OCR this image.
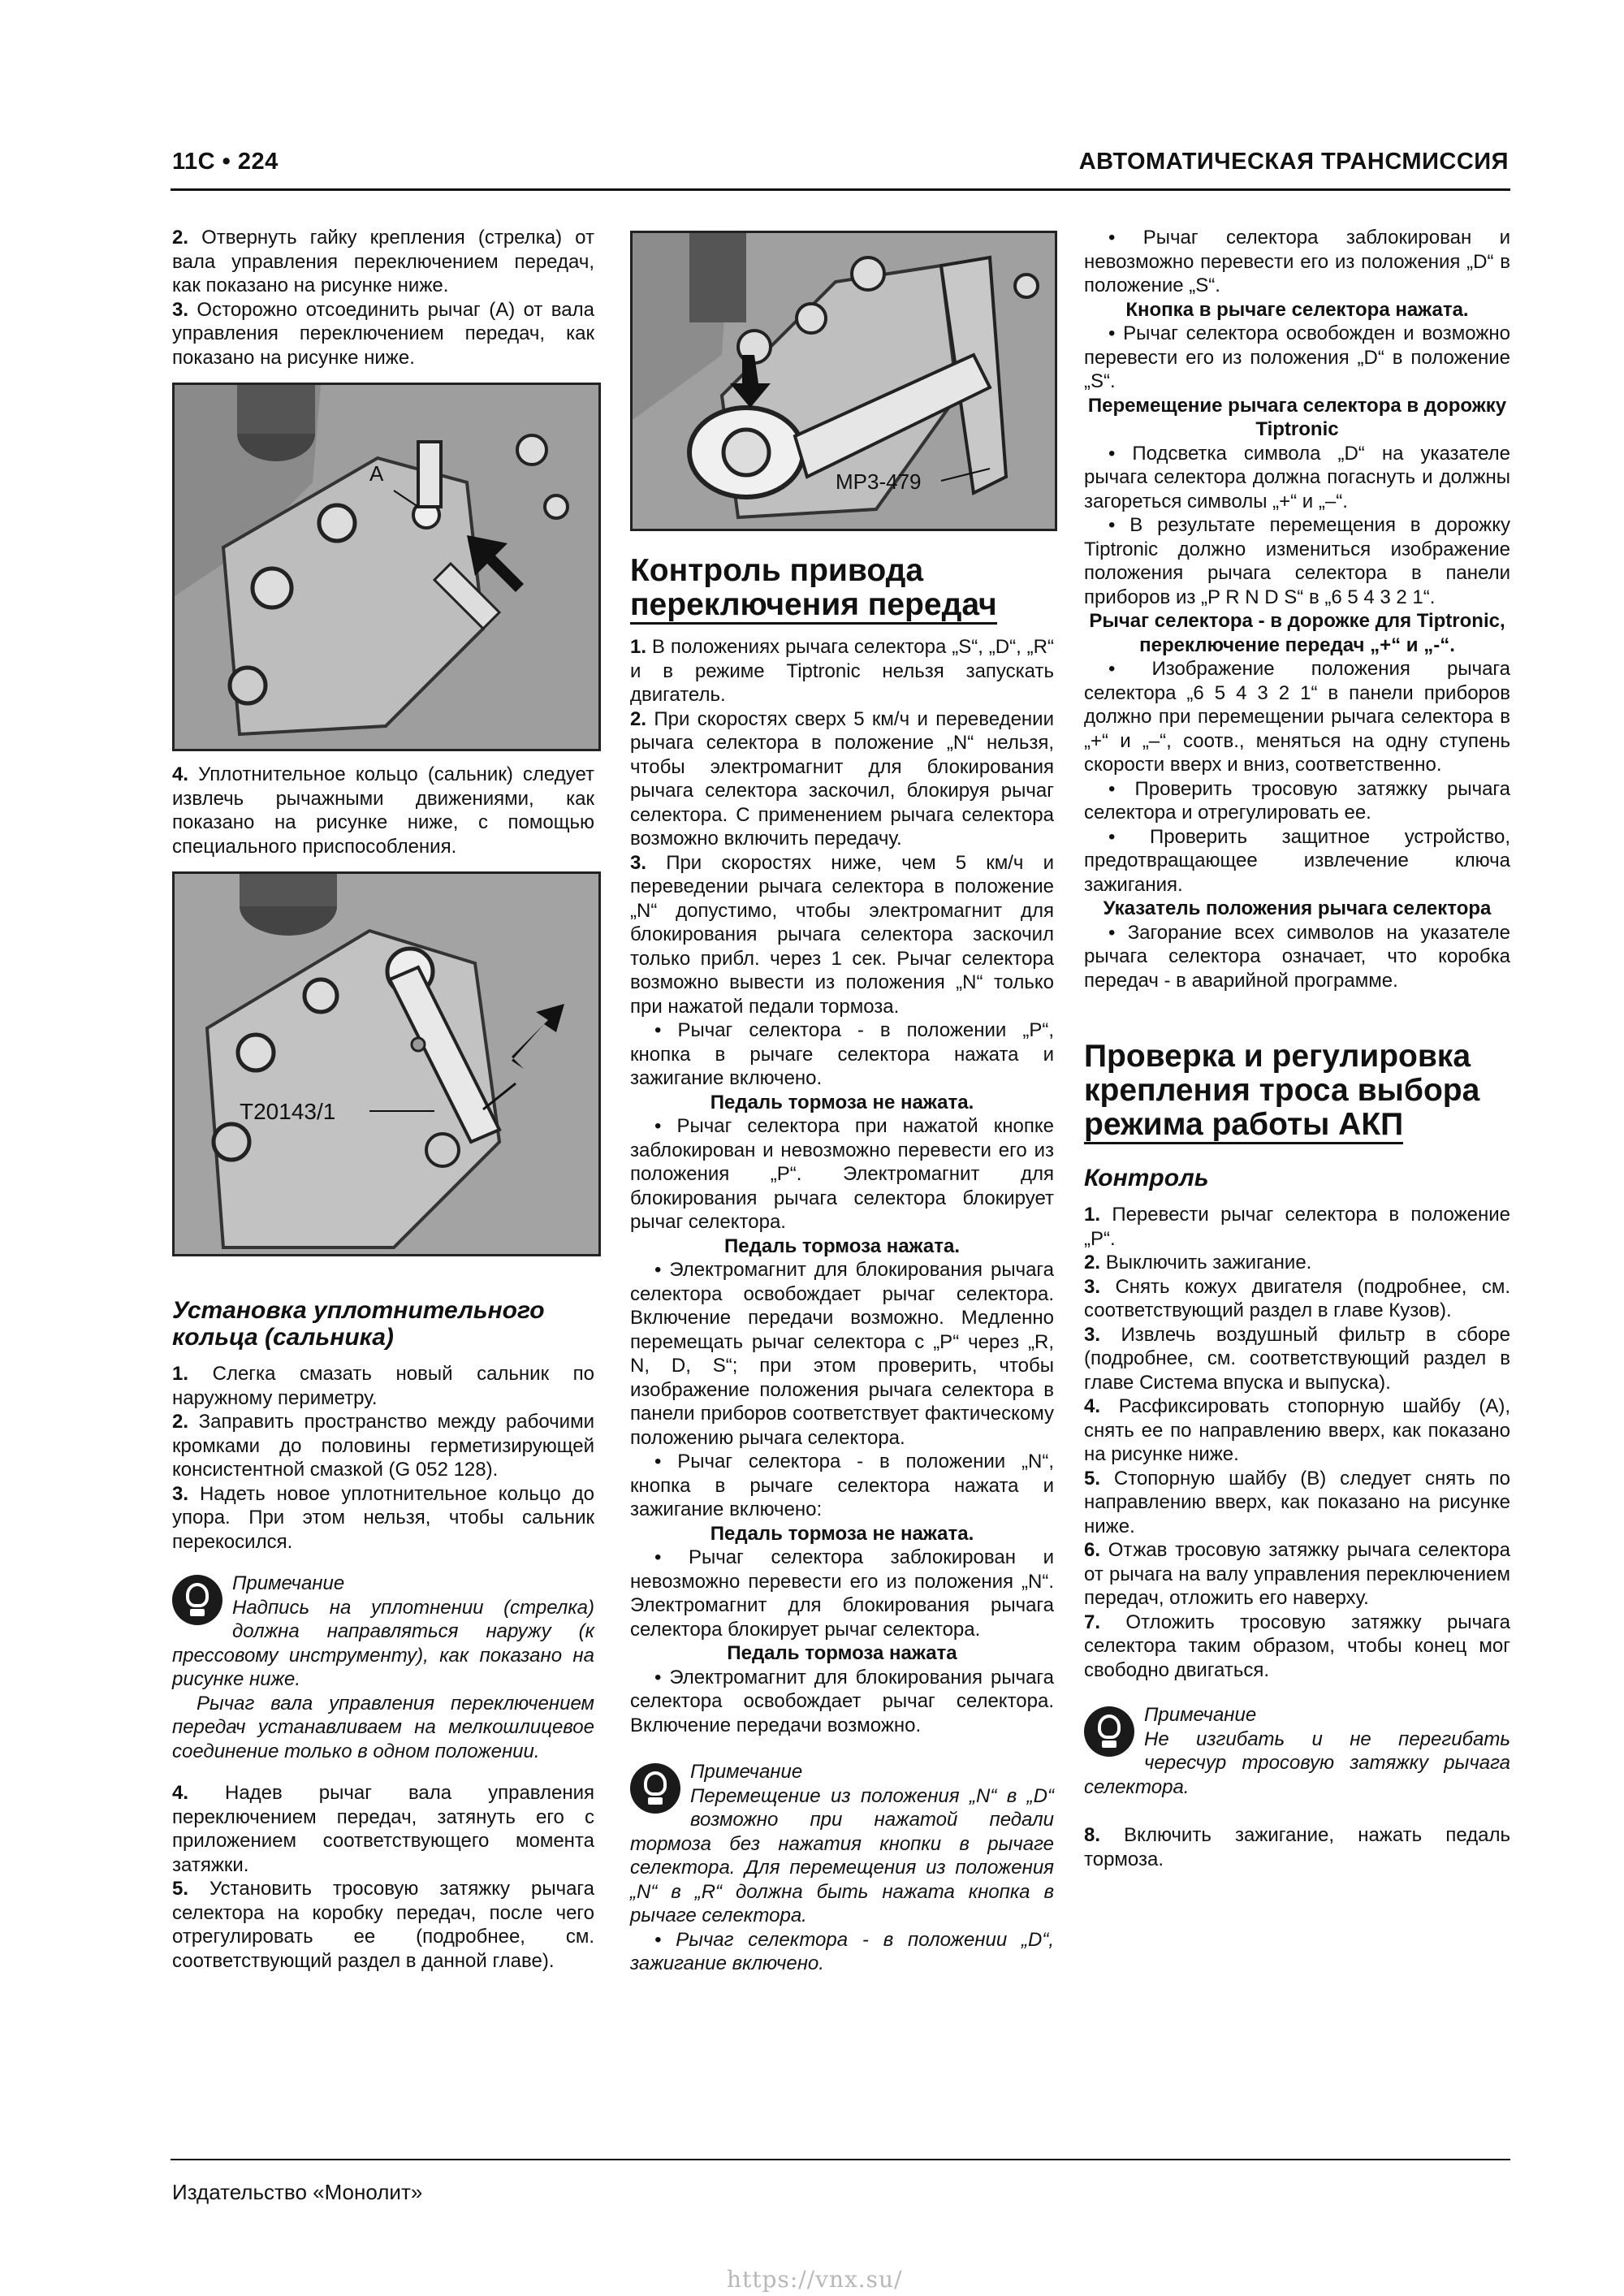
11C • 224	АВТОМАТИЧЕСКАЯ ТРАНСМИССИЯ

2. Отвернуть гайку крепления (стрелка) от вала управления переключением передач, как показано на рисунке ниже.

3. Осторожно отсоединить рычаг (А) от вала управления переключением передач, как показано на рисунке ниже.

A

4. Уплотнительное кольцо (сальник) следует извлечь рычажными движениями, как показано на рисунке ниже, с помощью специального приспособления.

T20143/1
Установка уплотнительного кольца (сальника)

1. Слегка смазать новый сальник по наружному периметру.

2. Заправить пространство между рабочими кромками до половины герметизирующей консистентной смазкой (G 052 128).

3. Надеть новое уплотнительное кольцо до упора. При этом нельзя, чтобы сальник перекосился.

Примечание

Надпись на уплотнении (стрелка) должна направляться наружу (к прессовому инструменту), как показано на рисунке ниже.

Рычаг вала управления переключением передач устанавливаем на мелкошлицевое соединение только в одном положении.

4. Надев рычаг вала управления переключением передач, затянуть его с приложением соответствующего момента затяжки.

5. Установить тросовую затяжку рычага селектора на коробку передач, после чего отрегулировать ее (подробнее, см. соответствующий раздел в данной главе).

MP3-479
Контроль привода
переключения передач

1. В положениях рычага селектора „S“, „D“, „R“ и в режиме Tiptronic нельзя запускать двигатель.

2. При скоростях сверх 5 км/ч и переведении рычага селектора в положение „N“ нельзя, чтобы электромагнит для блокирования рычага селектора заскочил, блокируя рычаг селектора. С применением рычага селектора возможно включить передачу.

3. При скоростях ниже, чем 5 км/ч и переведении рычага селектора в положение „N“ допустимо, чтобы электромагнит для блокирования рычага селектора заскочил только прибл. через 1 сек. Рычаг селектора возможно вывести из положения „N“ только при нажатой педали тормоза.

• Рычаг селектора - в положении „P“, кнопка в рычаге селектора нажата и зажигание включено.

Педаль тормоза не нажата.

• Рычаг селектора при нажатой кнопке заблокирован и невозможно перевести его из положения „P“. Электромагнит для блокирования рычага селектора блокирует рычаг селектора.

Педаль тормоза нажата.

• Электромагнит для блокирования рычага селектора освобождает рычаг селектора. Включение передачи возможно. Медленно перемещать рычаг селектора с „P“ через „R, N, D, S“; при этом проверить, чтобы изображение положения рычага селектора в панели приборов соответствует фактическому положению рычага селектора.

• Рычаг селектора - в положении „N“, кнопка в рычаге селектора нажата и зажигание включено:

Педаль тормоза не нажата.

• Рычаг селектора заблокирован и невозможно перевести его из положения „N“. Электромагнит для блокирования рычага селектора блокирует рычаг селектора.

Педаль тормоза нажата

• Электромагнит для блокирования рычага селектора освобождает рычаг селектора. Включение передачи возможно.

Примечание

Перемещение из положения „N“ в „D“ возможно при нажатой педали тормоза без нажатия кнопки в рычаге селектора. Для перемещения из положения „N“ в „R“ должна быть нажата кнопка в рычаге селектора.

• Рычаг селектора - в положении „D“, зажигание включено.

• Рычаг селектора заблокирован и невозможно перевести его из положения „D“ в положение „S“.

Кнопка в рычаге селектора нажата.

• Рычаг селектора освобожден и возможно перевести его из положения „D“ в положение „S“.

Перемещение рычага селектора в дорожку Tiptronic

• Подсветка символа „D“ на указателе рычага селектора должна погаснуть и должны загореться символы „+“ и „–“.

• В результате перемещения в дорожку Tiptronic должно измениться изображение положения рычага селектора в панели приборов из „P R N D S“ в „6 5 4 3 2 1“.

Рычаг селектора - в дорожке для Tiptronic, переключение передач „+“ и „-“.

• Изображение положения рычага селектора „6 5 4 3 2 1“ в панели приборов должно при перемещении рычага селектора в „+“ и „–“, соотв., меняться на одну ступень скорости вверх и вниз, соответственно.

• Проверить тросовую затяжку рычага селектора и отрегулировать ее.

• Проверить защитное устройство, предотвращающее извлечение ключа зажигания.

Указатель положения рычага селектора

• Загорание всех символов на указателе рычага селектора означает, что коробка передач - в аварийной программе.

Проверка и регулировка
крепления троса выбора
режима работы АКП
Контроль

1. Перевести рычаг селектора в положение „P“.

2. Выключить зажигание.

3. Снять кожух двигателя (подробнее, см. соответствующий раздел в главе Кузов).

3. Извлечь воздушный фильтр в сборе (подробнее, см. соответствующий раздел в главе Система впуска и выпуска).

4. Расфиксировать стопорную шайбу (А), снять ее по направлению вверх, как показано на рисунке ниже.

5. Стопорную шайбу (В) следует снять по направлению вверх, как показано на рисунке ниже.

6. Отжав тросовую затяжку рычага селектора от рычага на валу управления переключением передач, отложить его наверху.

7. Отложить тросовую затяжку рычага селектора таким образом, чтобы конец мог свободно двигаться.

Примечание

Не изгибать и не перегибать чересчур тросовую затяжку рычага селектора.

8. Включить зажигание, нажать педаль тормоза.

Издательство «Монолит»
https://vnx.su/
